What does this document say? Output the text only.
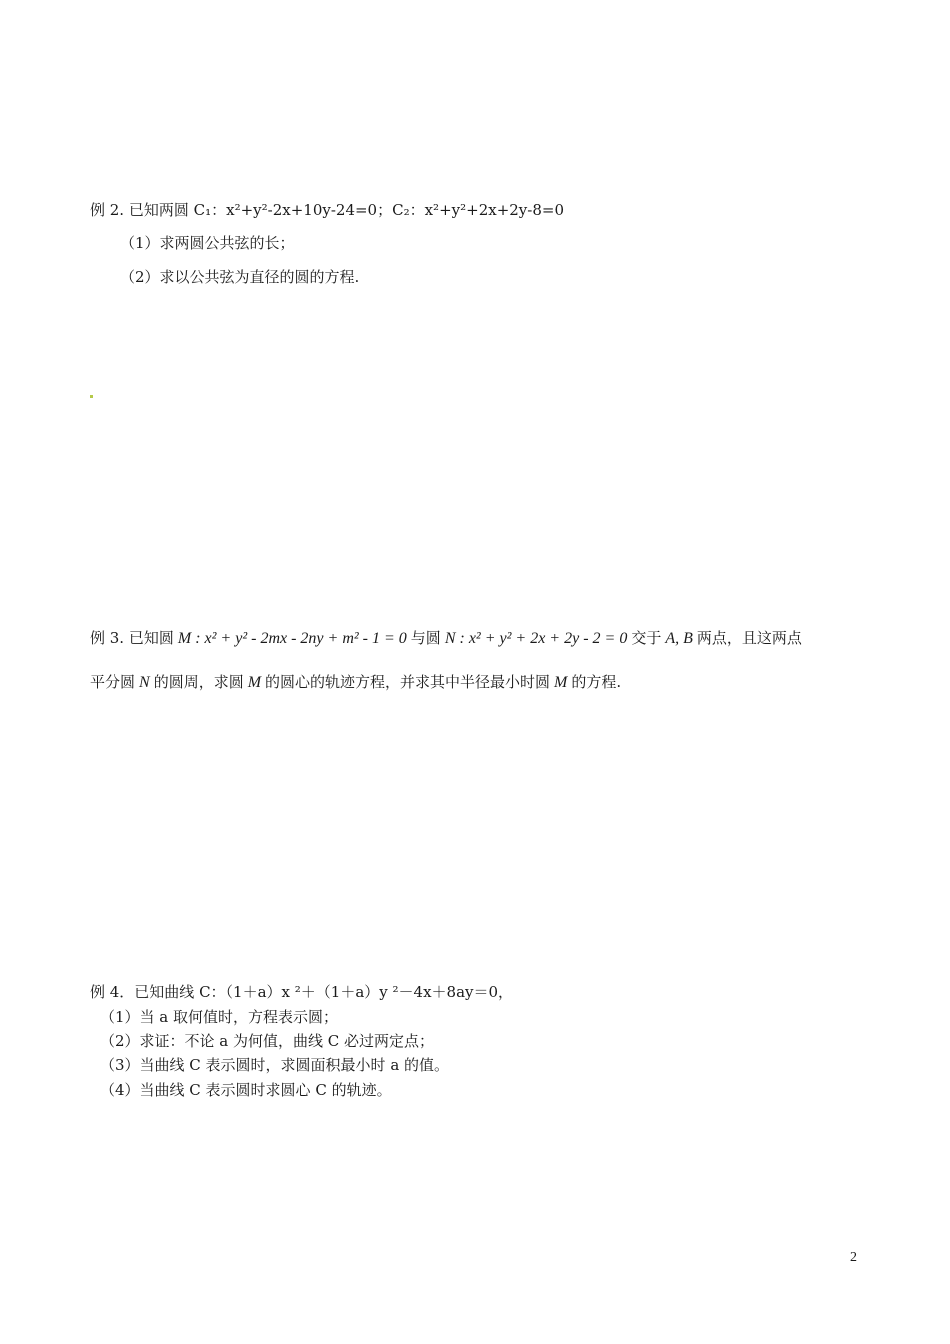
例 2. 已知两圆 C₁：x²+y²-2x+10y-24=0；C₂：x²+y²+2x+2y-8=0
（1）求两圆公共弦的长；
（2）求以公共弦为直径的圆的方程.
例 3. 已知圆 M : x² + y² - 2mx - 2ny + m² - 1 = 0 与圆 N : x² + y² + 2x + 2y - 2 = 0 交于 A, B 两点，且这两点
平分圆 N 的圆周，求圆 M 的圆心的轨迹方程，并求其中半径最小时圆 M 的方程.
例 4．已知曲线 C：（1＋a）x ²＋（1＋a）y ²－4x＋8ay＝0，
（1）当 a 取何值时，方程表示圆；
（2）求证：不论 a 为何值，曲线 C 必过两定点；
（3）当曲线 C 表示圆时，求圆面积最小时 a 的值。
（4）当曲线 C 表示圆时求圆心 C 的轨迹。
2
